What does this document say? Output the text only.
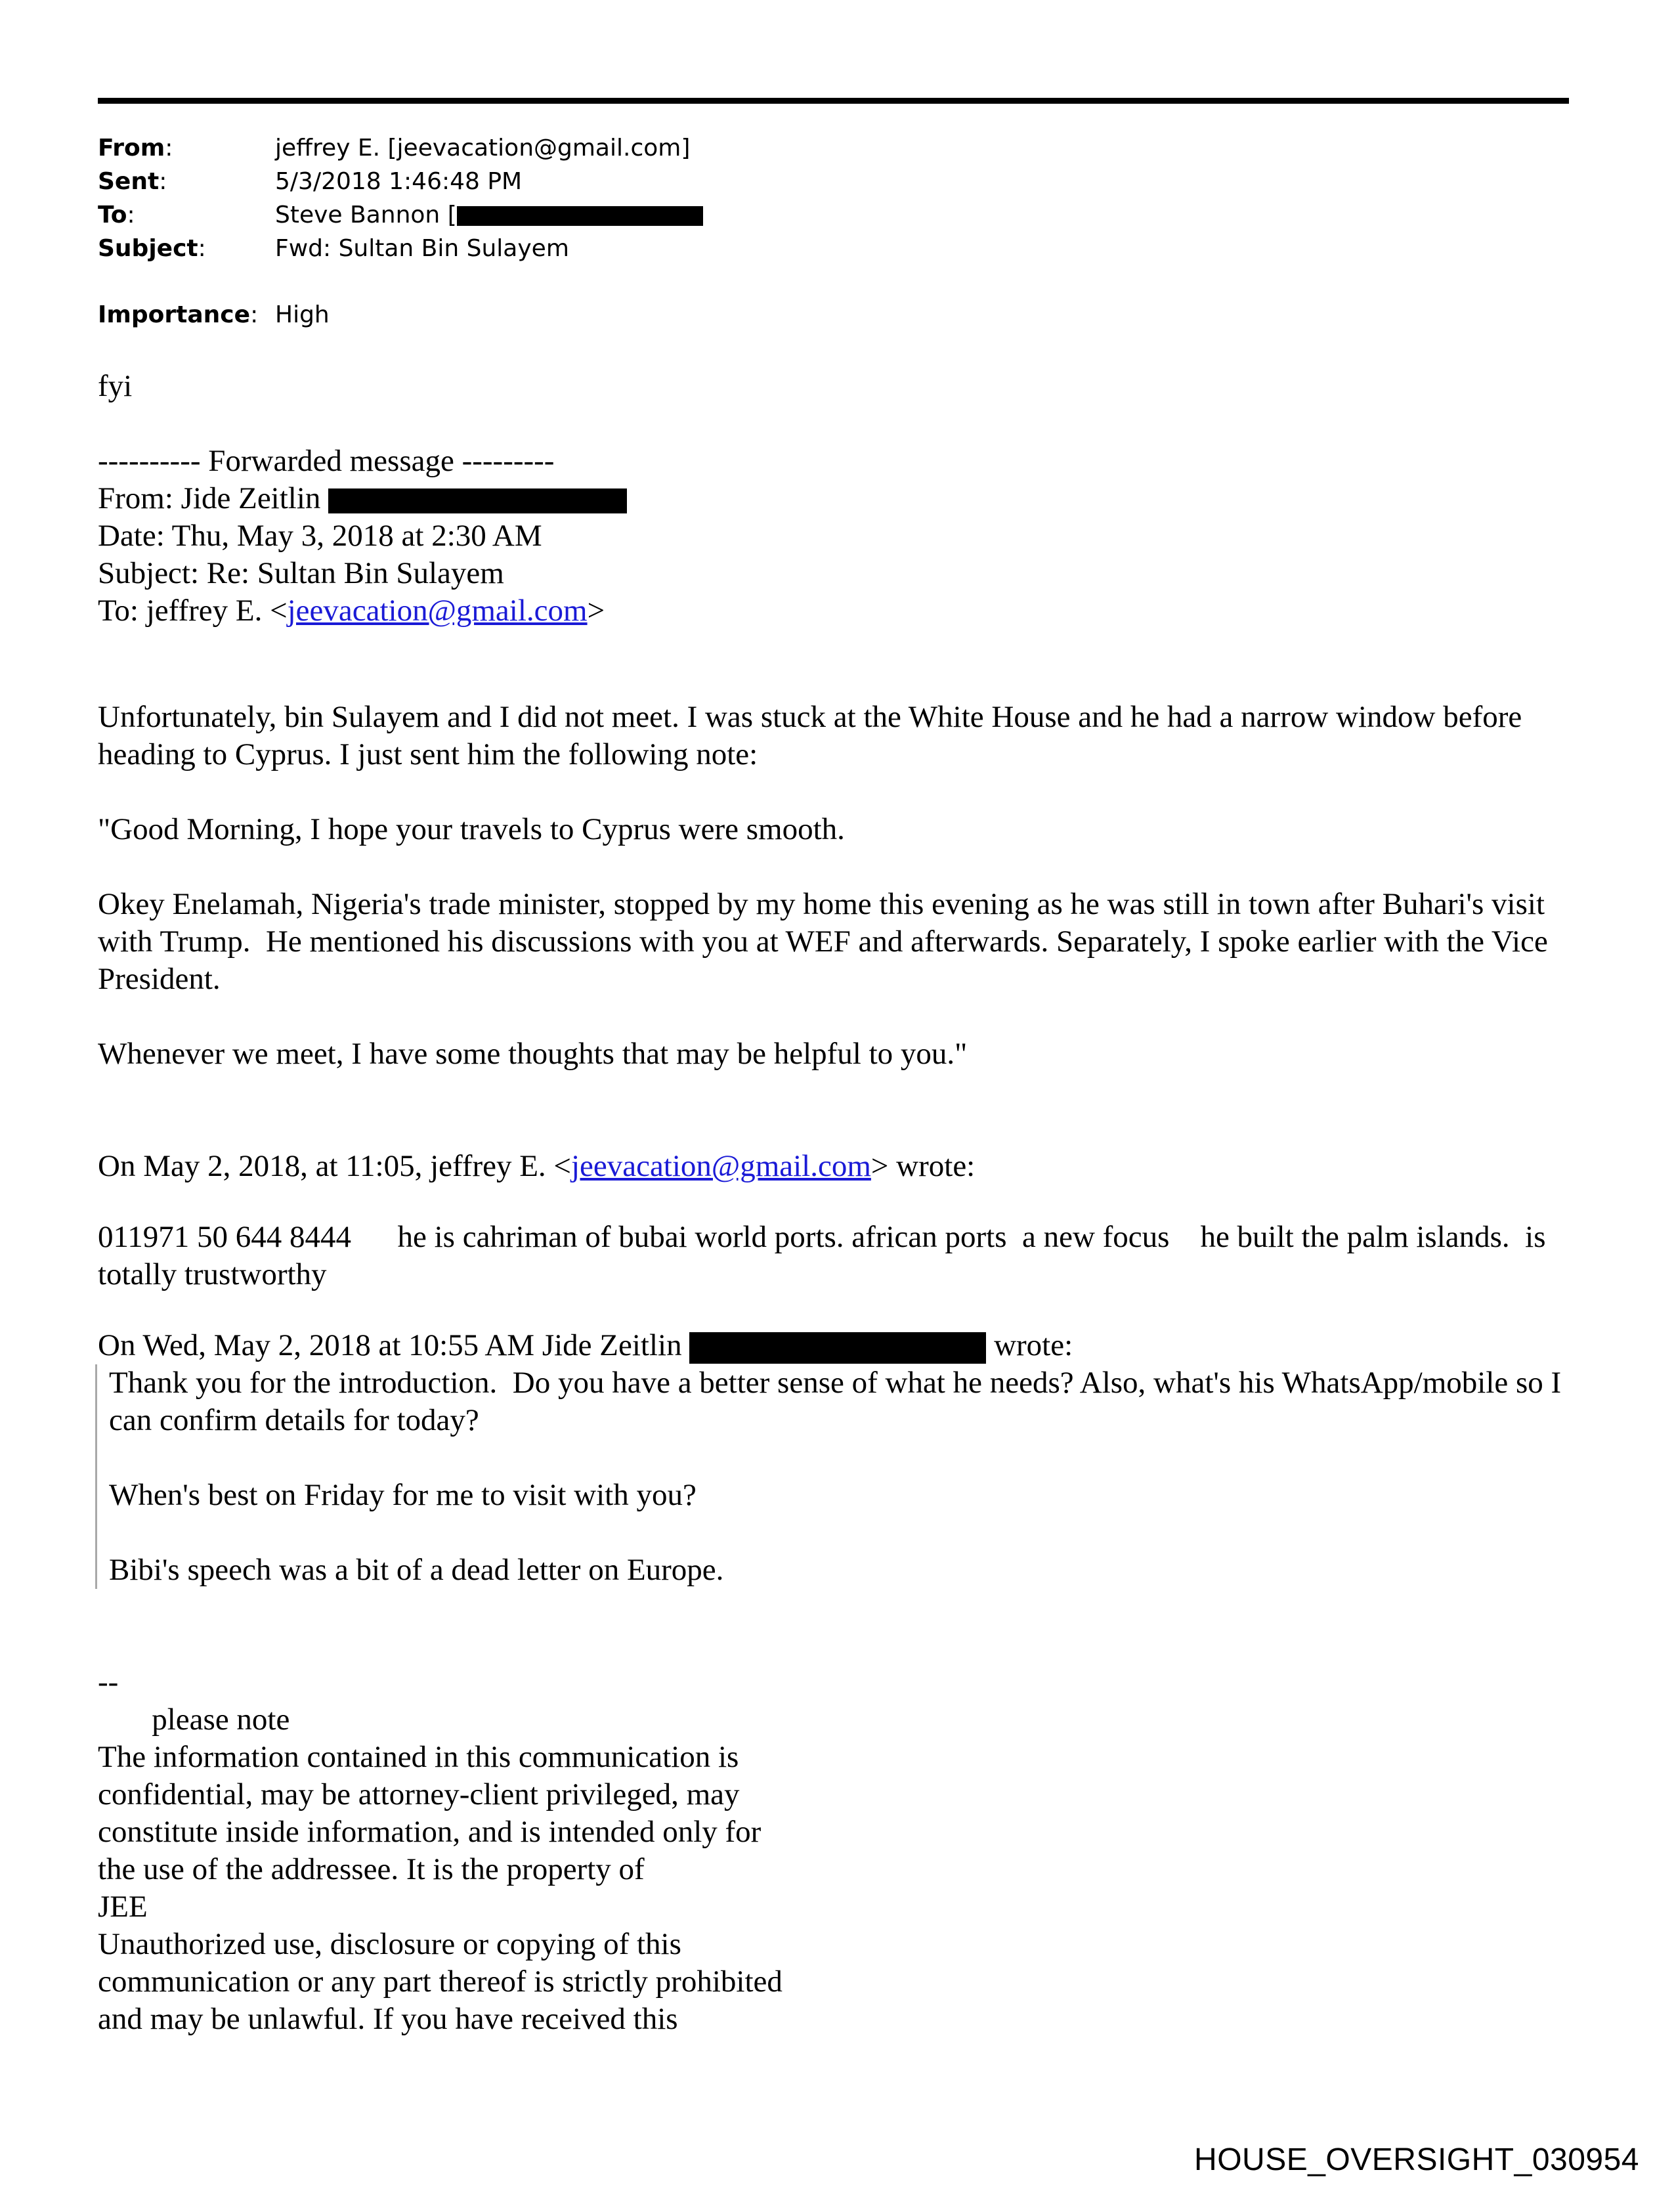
From:	jeffrey E. [jeevacation@gmail.com]
Sent:	5/3/2018 1:46:48 PM
To:	Steve Bannon [
Subject:	Fwd: Sultan Bin Sulayem
Importance: High

fyi

---------- Forwarded message ---------

From: Jide Zeitlin

Date: Thu, May 3, 2018 at 2:30 AM

Subject: Re: Sultan Bin Sulayem

To: jeffrey E. <jeevacation@gmail.com>

Unfortunately, bin Sulayem and I did not meet. I was stuck at the White House and he had a narrow window before heading to Cyprus. I just sent him the following note:

"Good Morning, I hope your travels to Cyprus were smooth.

Okey Enelamah, Nigeria's trade minister, stopped by my home this evening as he was still in town after Buhari's visit with Trump.  He mentioned his discussions with you at WEF and afterwards. Separately, I spoke earlier with the Vice President.

Whenever we meet, I have some thoughts that may be helpful to you."

On May 2, 2018, at 11:05, jeffrey E. <jeevacation@gmail.com> wrote:

011971 50 644 8444      he is cahriman of bubai world ports. african ports  a new focus    he built the palm islands.  is totally trustworthy

On Wed, May 2, 2018 at 10:55 AM Jide Zeitlin	wrote:

Thank you for the introduction.  Do you have a better sense of what he needs? Also, what's his WhatsApp/mobile so I can confirm details for today?

When's best on Friday for me to visit with you?

Bibi's speech was a bit of a dead letter on Europe.

--

please note

The information contained in this communication is
confidential, may be attorney-client privileged, may
constitute inside information, and is intended only for
the use of the addressee. It is the property of
JEE
Unauthorized use, disclosure or copying of this
communication or any part thereof is strictly prohibited
and may be unlawful. If you have received this

HOUSE_OVERSIGHT_030954
